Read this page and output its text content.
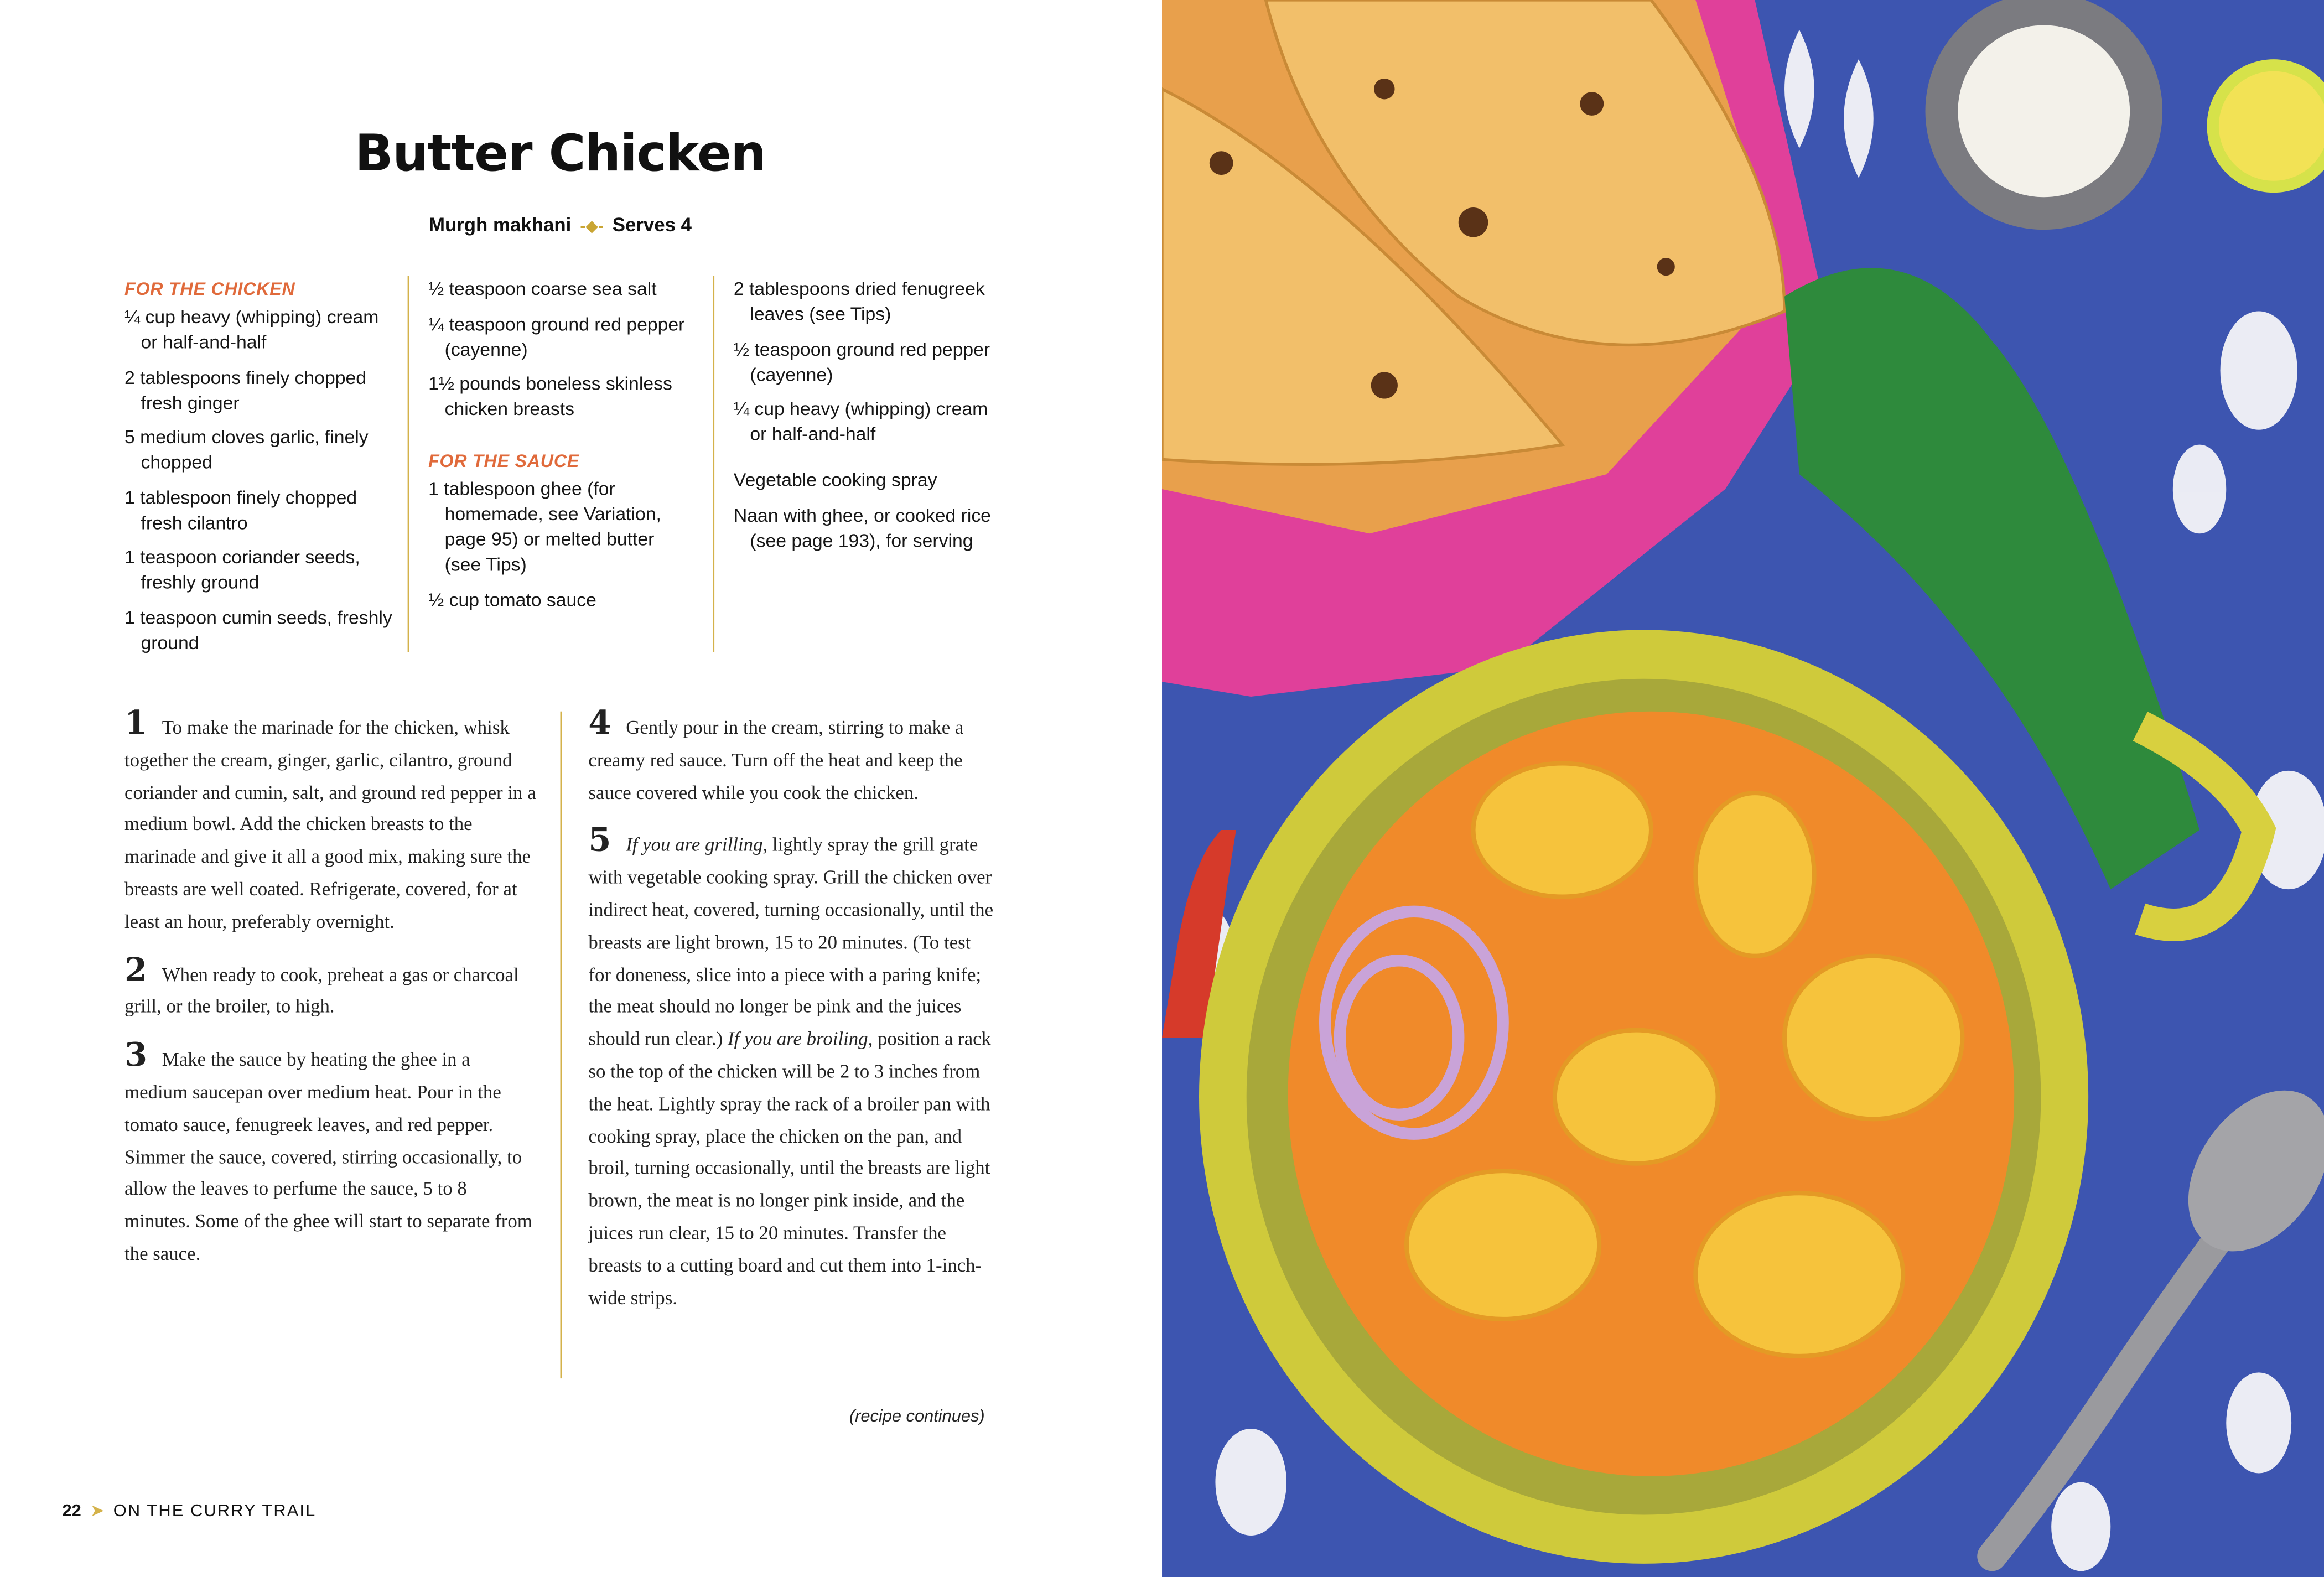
Butter Chicken
Murgh makhani -◆- Serves 4
FOR THE CHICKEN
¼ cup heavy (whipping) cream or half-and-half
2 tablespoons finely chopped fresh ginger
5 medium cloves garlic, finely chopped
1 tablespoon finely chopped fresh cilantro
1 teaspoon coriander seeds, freshly ground
1 teaspoon cumin seeds, freshly ground
½ teaspoon coarse sea salt
¼ teaspoon ground red pepper (cayenne)
1½ pounds boneless skinless chicken breasts
FOR THE SAUCE
1 tablespoon ghee (for homemade, see Variation, page 95) or melted butter (see Tips)
½ cup tomato sauce
2 tablespoons dried fenugreek leaves (see Tips)
½ teaspoon ground red pepper (cayenne)
¼ cup heavy (whipping) cream or half-and-half
Vegetable cooking spray
Naan with ghee, or cooked rice (see page 193), for serving
1 To make the marinade for the chicken, whisk together the cream, ginger, garlic, cilantro, ground coriander and cumin, salt, and ground red pepper in a medium bowl. Add the chicken breasts to the marinade and give it all a good mix, making sure the breasts are well coated. Refrigerate, covered, for at least an hour, preferably overnight.
2 When ready to cook, preheat a gas or charcoal grill, or the broiler, to high.
3 Make the sauce by heating the ghee in a medium saucepan over medium heat. Pour in the tomato sauce, fenugreek leaves, and red pepper. Simmer the sauce, covered, stirring occasionally, to allow the leaves to perfume the sauce, 5 to 8 minutes. Some of the ghee will start to separate from the sauce.
4 Gently pour in the cream, stirring to make a creamy red sauce. Turn off the heat and keep the sauce covered while you cook the chicken.
5 If you are grilling, lightly spray the grill grate with vegetable cooking spray. Grill the chicken over indirect heat, covered, turning occasionally, until the breasts are light brown, 15 to 20 minutes. (To test for doneness, slice into a piece with a paring knife; the meat should no longer be pink and the juices should run clear.) If you are broiling, position a rack so the top of the chicken will be 2 to 3 inches from the heat. Lightly spray the rack of a broiler pan with cooking spray, place the chicken on the pan, and broil, turning occasionally, until the breasts are light brown, the meat is no longer pink inside, and the juices run clear, 15 to 20 minutes. Transfer the breasts to a cutting board and cut them into 1-inch-wide strips.
(recipe continues)
22 ➤ ON THE CURRY TRAIL
